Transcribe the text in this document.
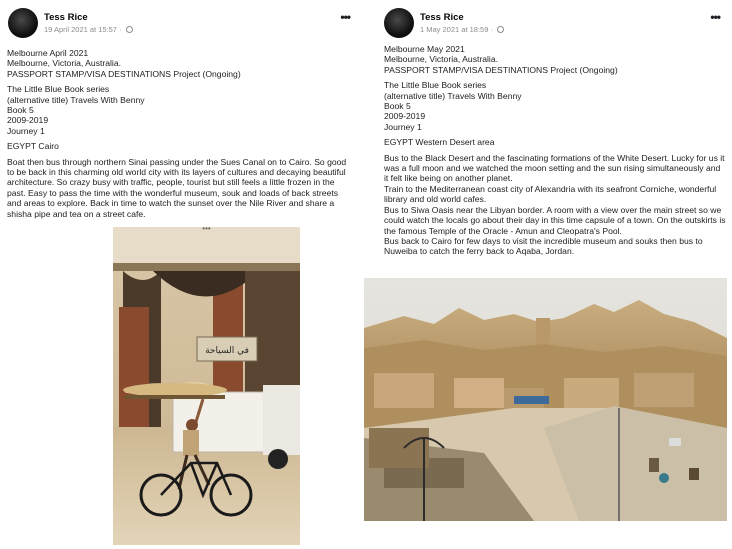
Tess Rice
19 April 2021 at 15:57 ·
•••

Melbourne April 2021

Melbourne, Victoria, Australia.

PASSPORT STAMP/VISA DESTINATIONS Project (Ongoing)

The Little Blue Book series

(alternative title) Travels With Benny

Book 5

2009-2019

Journey 1

EGYPT Cairo

Boat then bus through northern Sinai passing under the Sues Canal on to Cairo. So good to be back in this charming old world city with its layers of cultures and decaying beautiful architecture. So crazy busy with traffic, people, tourist but still feels a little frozen in the past. Easy to pass the time with the wonderful museum, souk and loads of back streets and areas to explore. Back in time to watch the sunset over the Nile River and share a shisha pipe and tea on a street cafe.

في السياحة
•••
Tess Rice
1 May 2021 at 18:59 ·
•••

Melbourne May 2021

Melbourne, Victoria, Australia.

PASSPORT STAMP/VISA DESTINATIONS Project (Ongoing)

The Little Blue Book series

(alternative title) Travels With Benny

Book 5

2009-2019

Journey 1

EGYPT Western Desert area

Bus to the Black Desert and the fascinating formations of the White Desert. Lucky for us it was a full moon and we watched the moon setting and the sun rising simultaneously and it felt like being on another planet.

Train to the Mediterranean coast city of Alexandria with its seafront Corniche, wonderful library and old world cafes.

Bus to Siwa Oasis near the Libyan border. A room with a view over the main street so we could watch the locals go about their day in this time capsule of a town. On the outskirts is the famous Temple of the Oracle - Amun and Cleopatra's Pool.

Bus back to Cairo for few days to visit the incredible museum and souks then bus to Nuweiba to catch the ferry back to Aqaba, Jordan.
